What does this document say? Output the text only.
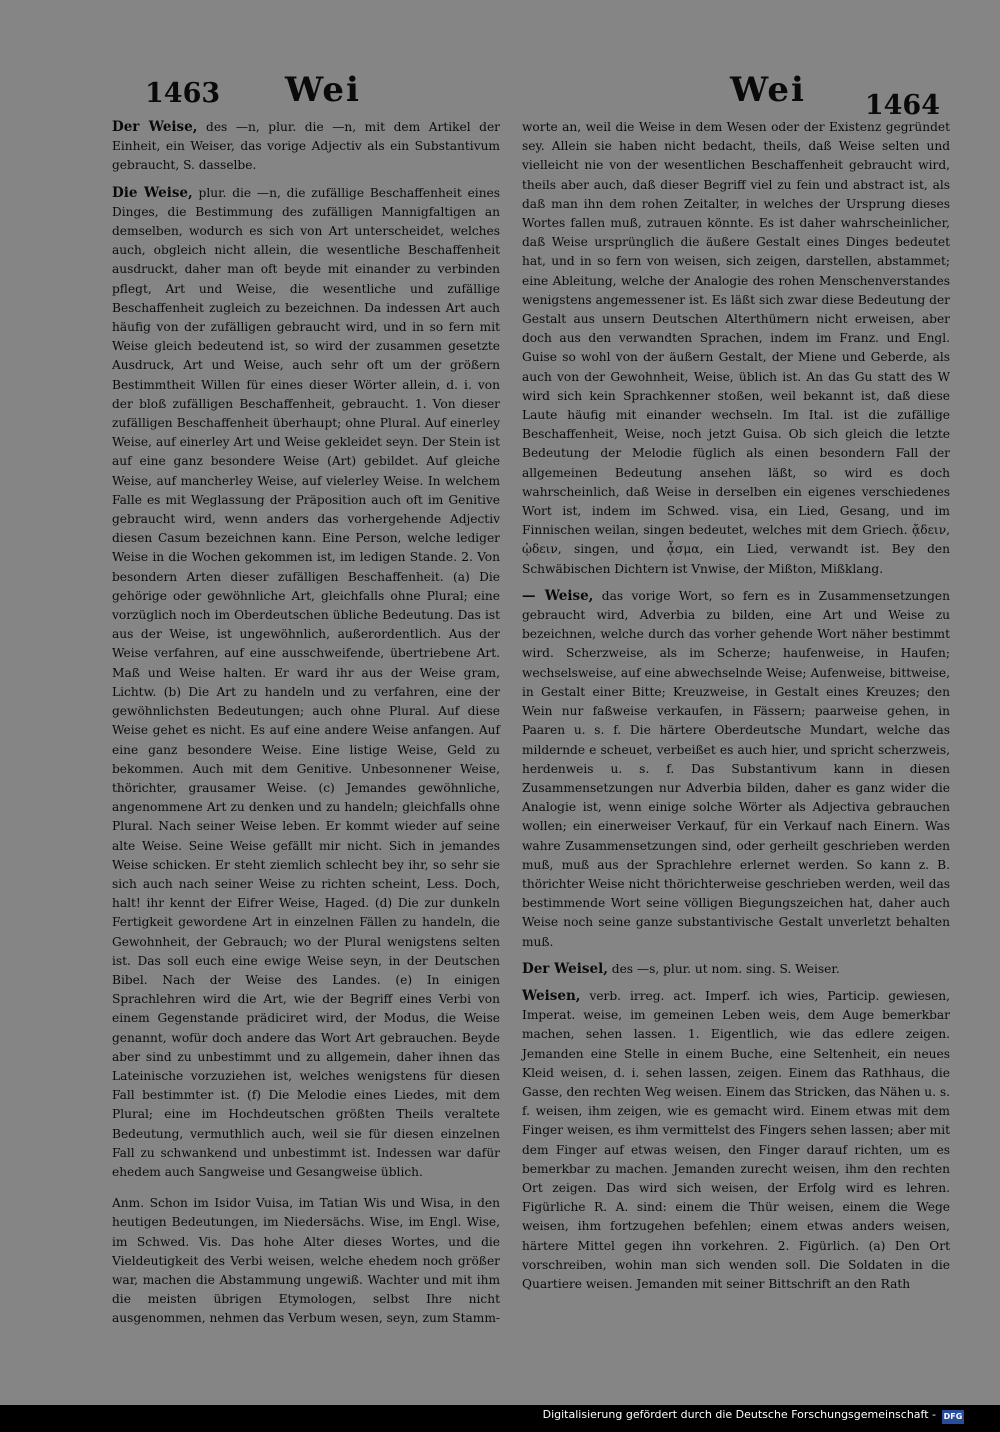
1463 Wei	Wei 1464

Der Weise, des —n, plur. die —n, mit dem Artikel der Einheit, ein Weiser, das vorige Adjectiv als ein Substantivum gebraucht, S. dasselbe.

Die Weise, plur. die —n, die zufällige Beschaffenheit eines Dinges, die Bestimmung des zufälligen Mannigfaltigen an demselben, wodurch es sich von Art unterscheidet, welches auch, obgleich nicht allein, die wesentliche Beschaffenheit ausdruckt, daher man oft beyde mit einander zu verbinden pflegt, Art und Weise, die wesentliche und zufällige Beschaffenheit zugleich zu bezeichnen. Da indessen Art auch häufig von der zufälligen gebraucht wird, und in so fern mit Weise gleich bedeutend ist, so wird der zusammen gesetzte Ausdruck, Art und Weise, auch sehr oft um der größern Bestimmtheit Willen für eines dieser Wörter allein, d. i. von der bloß zufälligen Beschaffenheit, gebraucht. 1. Von dieser zufälligen Beschaffenheit überhaupt; ohne Plural. Auf einerley Weise, auf einerley Art und Weise gekleidet seyn. Der Stein ist auf eine ganz besondere Weise (Art) gebildet. Auf gleiche Weise, auf mancherley Weise, auf vielerley Weise. In welchem Falle es mit Weglassung der Präposition auch oft im Genitive gebraucht wird, wenn anders das vorhergehende Adjectiv diesen Casum bezeichnen kann. Eine Person, welche lediger Weise in die Wochen gekommen ist, im ledigen Stande. 2. Von besondern Arten dieser zufälligen Beschaffenheit. (a) Die gehörige oder gewöhnliche Art, gleichfalls ohne Plural; eine vorzüglich noch im Oberdeutschen übliche Bedeutung. Das ist aus der Weise, ist ungewöhnlich, außerordentlich. Aus der Weise verfahren, auf eine ausschweifende, übertriebene Art. Maß und Weise halten. Er ward ihr aus der Weise gram, Lichtw. (b) Die Art zu handeln und zu verfahren, eine der gewöhnlichsten Bedeutungen; auch ohne Plural. Auf diese Weise gehet es nicht. Es auf eine andere Weise anfangen. Auf eine ganz besondere Weise. Eine listige Weise, Geld zu bekommen. Auch mit dem Genitive. Unbesonnener Weise, thörichter, grausamer Weise. (c) Jemandes gewöhnliche, angenommene Art zu denken und zu handeln; gleichfalls ohne Plural. Nach seiner Weise leben. Er kommt wieder auf seine alte Weise. Seine Weise gefällt mir nicht. Sich in jemandes Weise schicken. Er steht ziemlich schlecht bey ihr, so sehr sie sich auch nach seiner Weise zu richten scheint, Less. Doch, halt! ihr kennt der Eifrer Weise, Haged. (d) Die zur dunkeln Fertigkeit gewordene Art in einzelnen Fällen zu handeln, die Gewohnheit, der Gebrauch; wo der Plural wenigstens selten ist. Das soll euch eine ewige Weise seyn, in der Deutschen Bibel. Nach der Weise des Landes. (e) In einigen Sprachlehren wird die Art, wie der Begriff eines Verbi von einem Gegenstande prädiciret wird, der Modus, die Weise genannt, wofür doch andere das Wort Art gebrauchen. Beyde aber sind zu unbestimmt und zu allgemein, daher ihnen das Lateinische vorzuziehen ist, welches wenigstens für diesen Fall bestimmter ist. (f) Die Melodie eines Liedes, mit dem Plural; eine im Hochdeutschen größten Theils veraltete Bedeutung, vermuthlich auch, weil sie für diesen einzelnen Fall zu schwankend und unbestimmt ist. Indessen war dafür ehedem auch Sangweise und Gesangweise üblich.

Anm. Schon im Isidor Vuisa, im Tatian Wis und Wisa, in den heutigen Bedeutungen, im Niedersächs. Wise, im Engl. Wise, im Schwed. Vis. Das hohe Alter dieses Wortes, und die Vieldeutigkeit des Verbi weisen, welche ehedem noch größer war, machen die Abstammung ungewiß. Wachter und mit ihm die meisten übrigen Etymologen, selbst Ihre nicht ausgenommen, nehmen das Verbum wesen, seyn, zum Stamm-

worte an, weil die Weise in dem Wesen oder der Existenz gegründet sey. Allein sie haben nicht bedacht, theils, daß Weise selten und vielleicht nie von der wesentlichen Beschaffenheit gebraucht wird, theils aber auch, daß dieser Begriff viel zu fein und abstract ist, als daß man ihn dem rohen Zeitalter, in welches der Ursprung dieses Wortes fallen muß, zutrauen könnte. Es ist daher wahrscheinlicher, daß Weise ursprünglich die äußere Gestalt eines Dinges bedeutet hat, und in so fern von weisen, sich zeigen, darstellen, abstammet; eine Ableitung, welche der Analogie des rohen Menschenverstandes wenigstens angemessener ist. Es läßt sich zwar diese Bedeutung der Gestalt aus unsern Deutschen Alterthümern nicht erweisen, aber doch aus den verwandten Sprachen, indem im Franz. und Engl. Guise so wohl von der äußern Gestalt, der Miene und Geberde, als auch von der Gewohnheit, Weise, üblich ist. An das Gu statt des W wird sich kein Sprachkenner stoßen, weil bekannt ist, daß diese Laute häufig mit einander wechseln. Im Ital. ist die zufällige Beschaffenheit, Weise, noch jetzt Guisa. Ob sich gleich die letzte Bedeutung der Melodie füglich als einen besondern Fall der allgemeinen Bedeutung ansehen läßt, so wird es doch wahrscheinlich, daß Weise in derselben ein eigenes verschiedenes Wort ist, indem im Schwed. visa, ein Lied, Gesang, und im Finnischen weilan, singen bedeutet, welches mit dem Griech. ᾄδειν, ᾠδειν, singen, und ᾆσμα, ein Lied, verwandt ist. Bey den Schwäbischen Dichtern ist Vnwise, der Mißton, Mißklang.

— Weise, das vorige Wort, so fern es in Zusammensetzungen gebraucht wird, Adverbia zu bilden, eine Art und Weise zu bezeichnen, welche durch das vorher gehende Wort näher bestimmt wird. Scherzweise, als im Scherze; haufenweise, in Haufen; wechselsweise, auf eine abwechselnde Weise; Aufenweise, bittweise, in Gestalt einer Bitte; Kreuzweise, in Gestalt eines Kreuzes; den Wein nur faßweise verkaufen, in Fässern; paarweise gehen, in Paaren u. s. f. Die härtere Oberdeutsche Mundart, welche das mildernde e scheuet, verbeißet es auch hier, und spricht scherzweis, herdenweis u. s. f. Das Substantivum kann in diesen Zusammensetzungen nur Adverbia bilden, daher es ganz wider die Analogie ist, wenn einige solche Wörter als Adjectiva gebrauchen wollen; ein einerweiser Verkauf, für ein Verkauf nach Einern. Was wahre Zusammensetzungen sind, oder gerheilt geschrieben werden muß, muß aus der Sprachlehre erlernet werden. So kann z. B. thörichter Weise nicht thörichterweise geschrieben werden, weil das bestimmende Wort seine völligen Biegungszeichen hat, daher auch Weise noch seine ganze substantivische Gestalt unverletzt behalten muß.

Der Weisel, des —s, plur. ut nom. sing. S. Weiser.

Weisen, verb. irreg. act. Imperf. ich wies, Particip. gewiesen, Imperat. weise, im gemeinen Leben weis, dem Auge bemerkbar machen, sehen lassen. 1. Eigentlich, wie das edlere zeigen. Jemanden eine Stelle in einem Buche, eine Seltenheit, ein neues Kleid weisen, d. i. sehen lassen, zeigen. Einem das Rathhaus, die Gasse, den rechten Weg weisen. Einem das Stricken, das Nähen u. s. f. weisen, ihm zeigen, wie es gemacht wird. Einem etwas mit dem Finger weisen, es ihm vermittelst des Fingers sehen lassen; aber mit dem Finger auf etwas weisen, den Finger darauf richten, um es bemerkbar zu machen. Jemanden zurecht weisen, ihm den rechten Ort zeigen. Das wird sich weisen, der Erfolg wird es lehren. Figürliche R. A. sind: einem die Thür weisen, einem die Wege weisen, ihm fortzugehen befehlen; einem etwas anders weisen, härtere Mittel gegen ihn vorkehren. 2. Figürlich. (a) Den Ort vorschreiben, wohin man sich wenden soll. Die Soldaten in die Quartiere weisen. Jemanden mit seiner Bittschrift an den Rath

Digitalisierung gefördert durch die Deutsche Forschungsgemeinschaft - DFG
